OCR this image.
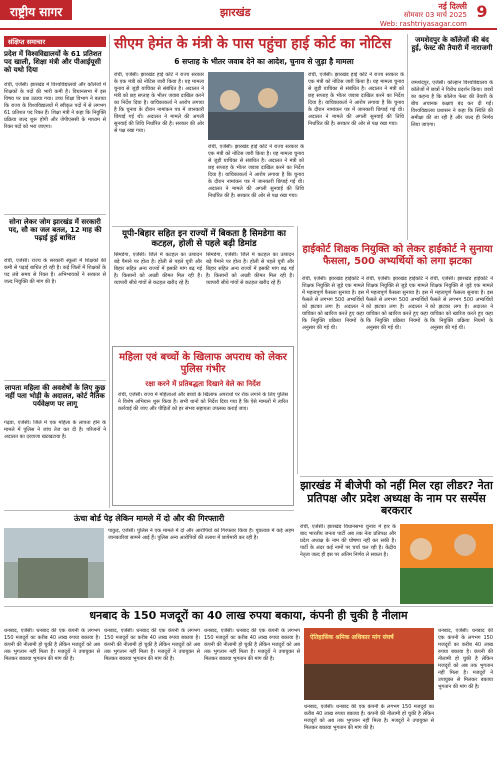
राष्ट्रीय सागर	झारखंड	नई दिल्ली
सोमवार 03 मार्च 2025
Web: rashtriyasagar.com
9
संक्षिप्त समाचार
प्रदेश में विश्वविद्यालयों के 61 प्रतिशत पद खाली, शिक्षा मंत्री और पीआईयूसी को यथो दिया
रांची, एजेंसी। झारखंड में विश्वविद्यालयों और कॉलेजों में शिक्षकों के पदों की भारी कमी है। विधानसभा में इस विषय पर प्रश्न उठाया गया। उच्च शिक्षा विभाग ने बताया कि राज्य के विश्वविद्यालयों में स्वीकृत पदों में से लगभग 61 प्रतिशत पद रिक्त हैं। शिक्षा मंत्री ने कहा कि नियुक्ति प्रक्रिया जल्द शुरू होगी और जेपीएससी के माध्यम से रिक्त पदों को भरा जाएगा।
सोना लेकर जोम झारखंड में सरकारी पद, सौ का जल बतल, 12 माह की पढ़ाई हुई बाधित
रांची, एजेंसी। राज्य के सरकारी स्कूलों में शिक्षकों की कमी से पढ़ाई बाधित हो रही है। कई जिलों में शिक्षकों के पद लंबे समय से रिक्त हैं। अभिभावकों ने सरकार से जल्द नियुक्ति की मांग की है।
लापता महिला की अवशेषों के लिए कुछ नहीं पता भोड़ी के अदालत, कोर्ट नैतिक पर्यवेक्षण पर लागू
गढ़वा, एजेंसी। जिले में एक महिला के लापता होने के मामले में पुलिस ने जांच तेज कर दी है। परिजनों ने अदालत का दरवाजा खटखटाया है।
सीएम हेमंत के मंत्री के पास पहुंचा हाई कोर्ट का नोटिस
6 सप्ताह के भीतर जवाब देने का आदेश, चुनाव से जुड़ा है मामला
रांची, एजेंसी। झारखंड हाई कोर्ट ने राज्य सरकार के एक मंत्री को नोटिस जारी किया है। यह मामला चुनाव से जुड़ी याचिका से संबंधित है। अदालत ने मंत्री को छह सप्ताह के भीतर जवाब दाखिल करने का निर्देश दिया है। याचिकाकर्ता ने आरोप लगाया है कि चुनाव के दौरान नामांकन पत्र में जानकारी छिपाई गई थी। अदालत ने मामले की अगली सुनवाई की तिथि निर्धारित की है। सरकार की ओर से पक्ष रखा गया।
रांची, एजेंसी। झारखंड हाई कोर्ट ने राज्य सरकार के एक मंत्री को नोटिस जारी किया है। यह मामला चुनाव से जुड़ी याचिका से संबंधित है। अदालत ने मंत्री को छह सप्ताह के भीतर जवाब दाखिल करने का निर्देश दिया है। याचिकाकर्ता ने आरोप लगाया है कि चुनाव के दौरान नामांकन पत्र में जानकारी छिपाई गई थी। अदालत ने मामले की अगली सुनवाई की तिथि निर्धारित की है। सरकार की ओर से पक्ष रखा गया।
रांची, एजेंसी। झारखंड हाई कोर्ट ने राज्य सरकार के एक मंत्री को नोटिस जारी किया है। यह मामला चुनाव से जुड़ी याचिका से संबंधित है। अदालत ने मंत्री को छह सप्ताह के भीतर जवाब दाखिल करने का निर्देश दिया है। याचिकाकर्ता ने आरोप लगाया है कि चुनाव के दौरान नामांकन पत्र में जानकारी छिपाई गई थी। अदालत ने मामले की अगली सुनवाई की तिथि निर्धारित की है। सरकार की ओर से पक्ष रखा गया।
जमशेदपुर के कॉलेजों की बंद हुई, फेस्ट की तैयारी में नाराजगी
जमशेदपुर, एजेंसी। कोल्हान विश्वविद्यालय के कॉलेजों में छात्रों ने विरोध प्रदर्शन किया। छात्रों का कहना है कि कॉलेज फेस्ट की तैयारी के बीच अचानक कक्षाएं बंद कर दी गईं। विश्वविद्यालय प्रशासन ने कहा कि स्थिति की समीक्षा की जा रही है और जल्द ही निर्णय लिया जाएगा।
यूपी-बिहार सहित इन राज्यों में बिकता है सिमडेगा का कटहल, होली से पहले बढ़ी डिमांड
सिमडेगा, एजेंसी। जिले में कटहल का उत्पादन बड़े पैमाने पर होता है। होली से पहले यूपी और बिहार सहित अन्य राज्यों में इसकी मांग बढ़ गई है। किसानों को अच्छी कीमत मिल रही है। व्यापारी सीधे गांवों से कटहल खरीद रहे हैं।
सिमडेगा, एजेंसी। जिले में कटहल का उत्पादन बड़े पैमाने पर होता है। होली से पहले यूपी और बिहार सहित अन्य राज्यों में इसकी मांग बढ़ गई है। किसानों को अच्छी कीमत मिल रही है। व्यापारी सीधे गांवों से कटहल खरीद रहे हैं।
हाईकोर्ट शिक्षक नियुक्ति को लेकर हाईकोर्ट ने सुनाया फैसला, 500 अभ्यर्थियों को लगा झटका
रांची, एजेंसी। झारखंड हाईकोर्ट ने शिक्षक नियुक्ति से जुड़े एक मामले में महत्वपूर्ण फैसला सुनाया है। इस फैसले से लगभग 500 अभ्यर्थियों को झटका लगा है। अदालत ने याचिका को खारिज करते हुए कहा कि नियुक्ति प्रक्रिया नियमों के अनुसार की गई थी।
रांची, एजेंसी। झारखंड हाईकोर्ट ने शिक्षक नियुक्ति से जुड़े एक मामले में महत्वपूर्ण फैसला सुनाया है। इस फैसले से लगभग 500 अभ्यर्थियों को झटका लगा है। अदालत ने याचिका को खारिज करते हुए कहा कि नियुक्ति प्रक्रिया नियमों के अनुसार की गई थी।
रांची, एजेंसी। झारखंड हाईकोर्ट ने शिक्षक नियुक्ति से जुड़े एक मामले में महत्वपूर्ण फैसला सुनाया है। इस फैसले से लगभग 500 अभ्यर्थियों को झटका लगा है। अदालत ने याचिका को खारिज करते हुए कहा कि नियुक्ति प्रक्रिया नियमों के अनुसार की गई थी।
महिला एवं बच्चों के खिलाफ अपराध को लेकर पुलिस गंभीर
रक्षा करने में प्रतिबद्धता दिखाने वेले का निर्देश
रांची, एजेंसी। राज्य में महिलाओं और बच्चों के खिलाफ अपराधों पर रोक लगाने के लिए पुलिस ने विशेष अभियान शुरू किया है। सभी थानों को निर्देश दिया गया है कि ऐसे मामलों में त्वरित कार्रवाई की जाए और पीड़ितों को हर संभव सहायता उपलब्ध कराई जाए।
झारखंड में बीजेपी को नहीं मिल रहा लीडर? नेता प्रतिपक्ष और प्रदेश अध्यक्ष के नाम पर सस्पेंस बरकरार
रांची, एजेंसी। झारखंड विधानसभा चुनाव में हार के बाद भारतीय जनता पार्टी अब तक नेता प्रतिपक्ष और प्रदेश अध्यक्ष के नाम की घोषणा नहीं कर सकी है। पार्टी के अंदर कई नामों पर चर्चा चल रही है। केंद्रीय नेतृत्व जल्द ही इस पर अंतिम निर्णय ले सकता है।
ऊंचा बोर्ड पेड़ लेकिन मामले में दो और की गिरफ्तारी
पाकुड़, एजेंसी। पुलिस ने एक मामले में दो और आरोपियों को गिरफ्तार किया है। पूछताछ में कई अहम जानकारियां सामने आई हैं। पुलिस अन्य आरोपियों की तलाश में छापेमारी कर रही है।
धनबाद के 150 मजदूरों का 40 लाख रुपया बकाया, कंपनी ही चुकी है नीलाम
धनबाद, एजेंसी। धनबाद की एक कंपनी के लगभग 150 मजदूरों का करीब 40 लाख रुपया बकाया है। कंपनी की नीलामी हो चुकी है लेकिन मजदूरों को अब तक भुगतान नहीं मिला है। मजदूरों ने उपायुक्त से मिलकर बकाया भुगतान की मांग की है।
धनबाद, एजेंसी। धनबाद की एक कंपनी के लगभग 150 मजदूरों का करीब 40 लाख रुपया बकाया है। कंपनी की नीलामी हो चुकी है लेकिन मजदूरों को अब तक भुगतान नहीं मिला है। मजदूरों ने उपायुक्त से मिलकर बकाया भुगतान की मांग की है।
धनबाद, एजेंसी। धनबाद की एक कंपनी के लगभग 150 मजदूरों का करीब 40 लाख रुपया बकाया है। कंपनी की नीलामी हो चुकी है लेकिन मजदूरों को अब तक भुगतान नहीं मिला है। मजदूरों ने उपायुक्त से मिलकर बकाया भुगतान की मांग की है।
ऐतिहासिक श्रमिक अधिकार मांग संघर्ष
धनबाद, एजेंसी। धनबाद की एक कंपनी के लगभग 150 मजदूरों का करीब 40 लाख रुपया बकाया है। कंपनी की नीलामी हो चुकी है लेकिन मजदूरों को अब तक भुगतान नहीं मिला है। मजदूरों ने उपायुक्त से मिलकर बकाया भुगतान की मांग की है।
धनबाद, एजेंसी। धनबाद की एक कंपनी के लगभग 150 मजदूरों का करीब 40 लाख रुपया बकाया है। कंपनी की नीलामी हो चुकी है लेकिन मजदूरों को अब तक भुगतान नहीं मिला है। मजदूरों ने उपायुक्त से मिलकर बकाया भुगतान की मांग की है।
